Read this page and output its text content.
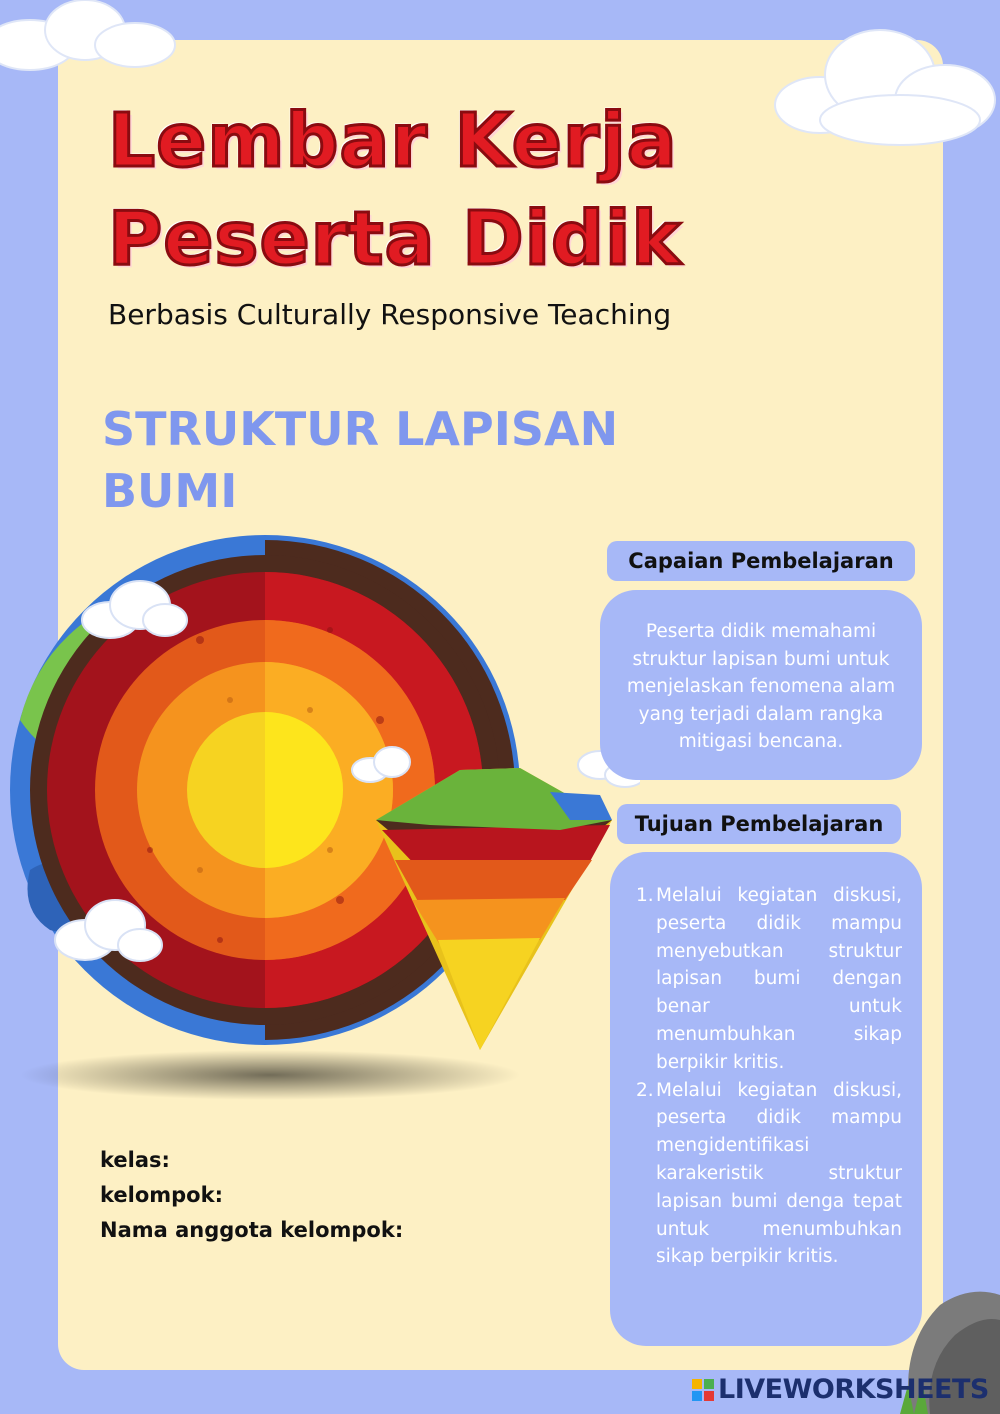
Lembar Kerja
Peserta Didik
Berbasis Culturally Responsive Teaching
STRUKTUR LAPISAN BUMI
Capaian Pembelajaran

Peserta didik memahami struktur lapisan bumi untuk menjelaskan fenomena alam yang terjadi dalam rangka mitigasi bencana.

Tujuan Pembelajaran
1. Melalui kegiatan diskusi, peserta didik mampu menyebutkan struktur lapisan bumi dengan benar untuk menumbuhkan sikap berpikir kritis.
2. Melalui kegiatan diskusi, peserta didik mampu mengidentifikasi karakeristik struktur lapisan bumi denga tepat untuk menumbuhkan sikap berpikir kritis.
kelas:
kelompok:
Nama anggota kelompok:
LIVEWORKSHEETS
